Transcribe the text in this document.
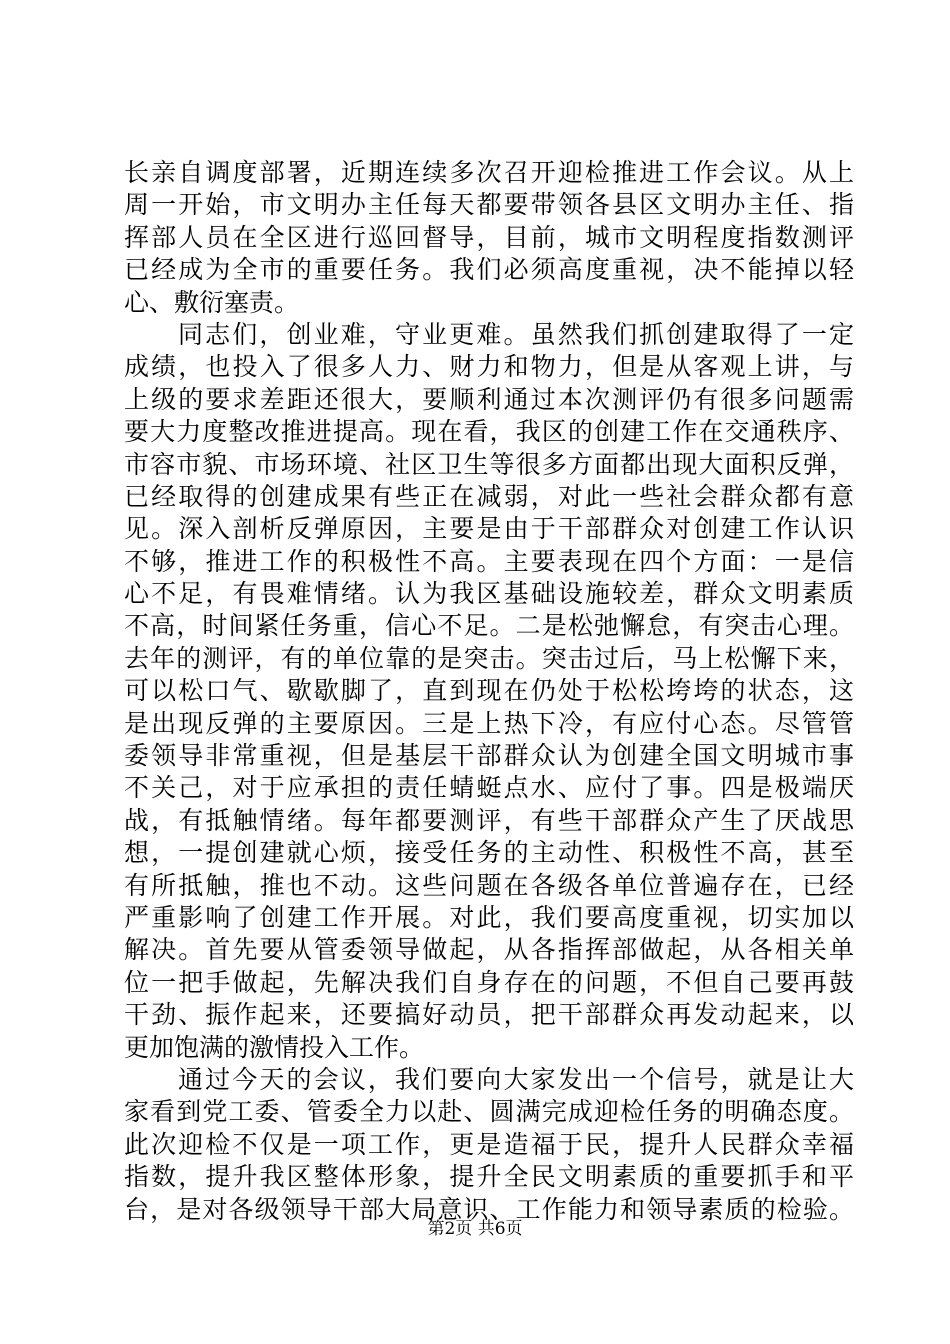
长亲自调度部署，近期连续多次召开迎检推进工作会议。从上
周一开始，市文明办主任每天都要带领各县区文明办主任、指
挥部人员在全区进行巡回督导，目前，城市文明程度指数测评
已经成为全市的重要任务。我们必须高度重视，决不能掉以轻
心、敷衍塞责。
同志们，创业难，守业更难。虽然我们抓创建取得了一定
成绩，也投入了很多人力、财力和物力，但是从客观上讲，与
上级的要求差距还很大，要顺利通过本次测评仍有很多问题需
要大力度整改推进提高。现在看，我区的创建工作在交通秩序、
市容市貌、市场环境、社区卫生等很多方面都出现大面积反弹，
已经取得的创建成果有些正在减弱，对此一些社会群众都有意
见。深入剖析反弹原因，主要是由于干部群众对创建工作认识
不够，推进工作的积极性不高。主要表现在四个方面：一是信
心不足，有畏难情绪。认为我区基础设施较差，群众文明素质
不高，时间紧任务重，信心不足。二是松弛懈怠，有突击心理。
去年的测评，有的单位靠的是突击。突击过后，马上松懈下来，
可以松口气、歇歇脚了，直到现在仍处于松松垮垮的状态，这
是出现反弹的主要原因。三是上热下冷，有应付心态。尽管管
委领导非常重视，但是基层干部群众认为创建全国文明城市事
不关己，对于应承担的责任蜻蜓点水、应付了事。四是极端厌
战，有抵触情绪。每年都要测评，有些干部群众产生了厌战思
想，一提创建就心烦，接受任务的主动性、积极性不高，甚至
有所抵触，推也不动。这些问题在各级各单位普遍存在，已经
严重影响了创建工作开展。对此，我们要高度重视，切实加以
解决。首先要从管委领导做起，从各指挥部做起，从各相关单
位一把手做起，先解决我们自身存在的问题，不但自己要再鼓
干劲、振作起来，还要搞好动员，把干部群众再发动起来，以
更加饱满的激情投入工作。
通过今天的会议，我们要向大家发出一个信号，就是让大
家看到党工委、管委全力以赴、圆满完成迎检任务的明确态度。
此次迎检不仅是一项工作，更是造福于民，提升人民群众幸福
指数，提升我区整体形象，提升全民文明素质的重要抓手和平
台，是对各级领导干部大局意识、工作能力和领导素质的检验。
第2页 共6页
